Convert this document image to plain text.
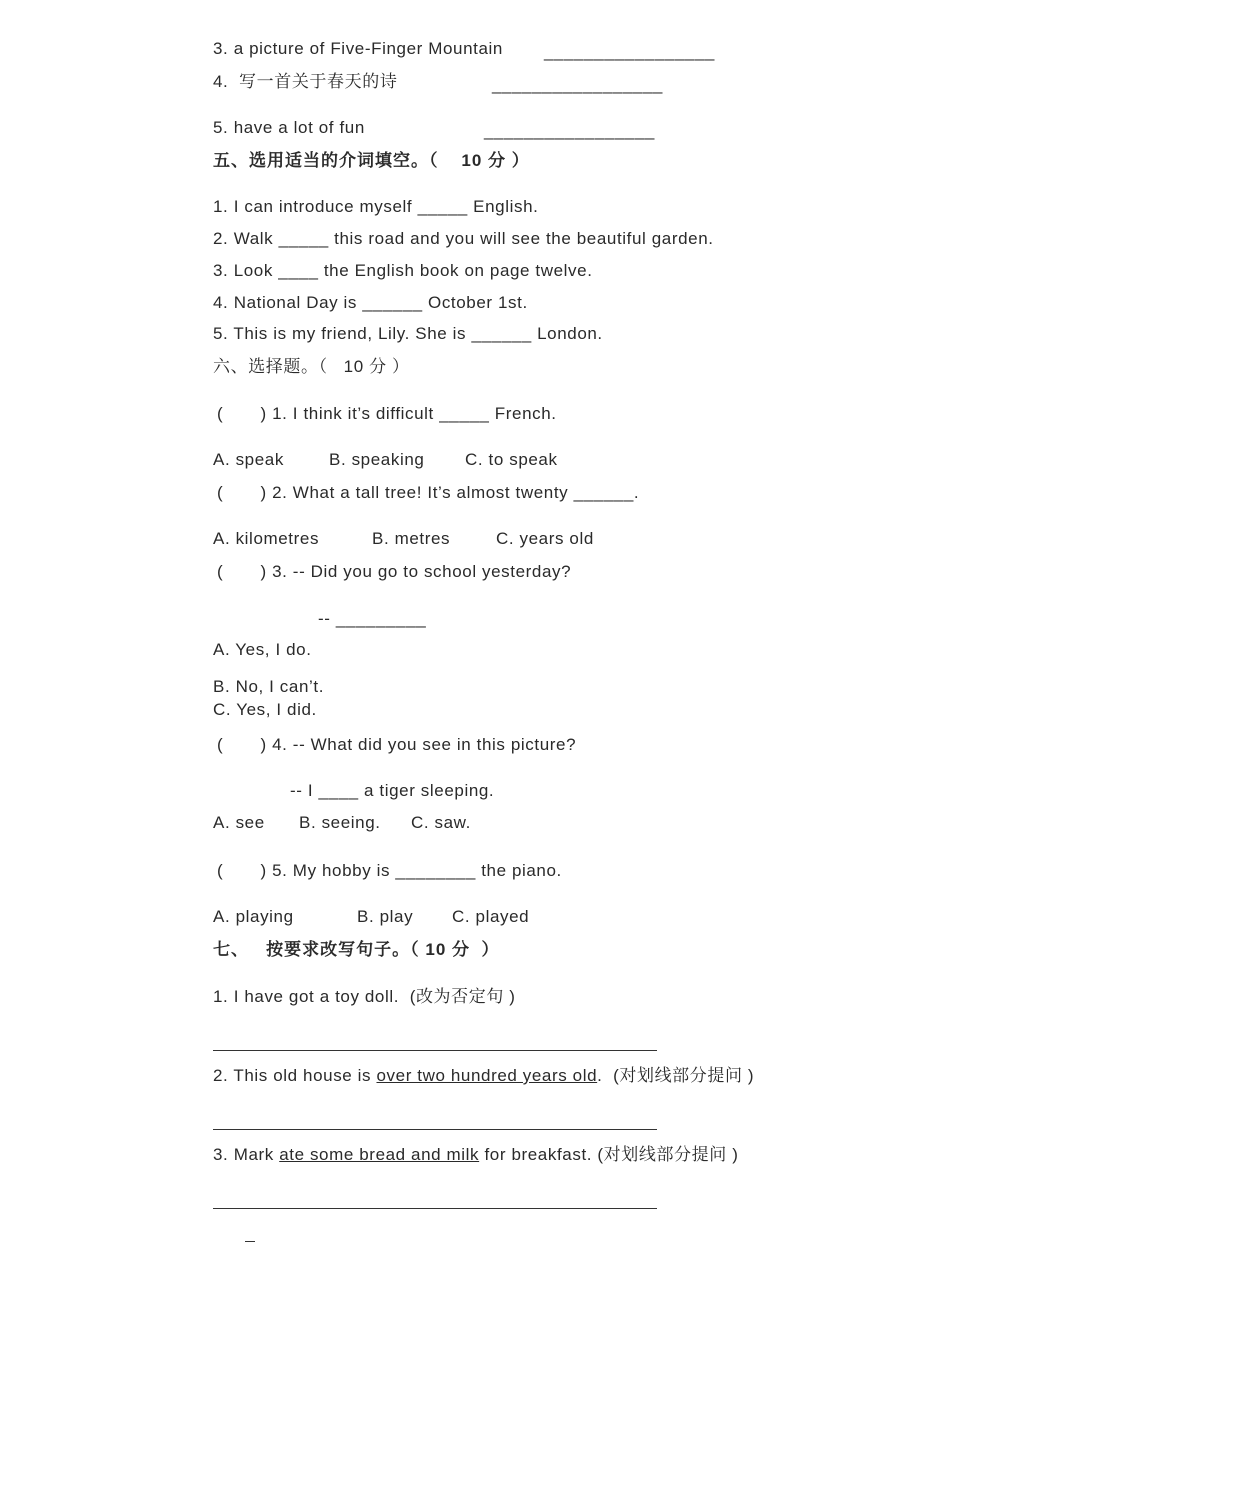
3. a picture of Five-Finger Mountain _________________
4.  写一首关于春天的诗	_________________
5. have a lot of fun	_________________
五、选用适当的介词填空。（    10 分 ）
1. I can introduce myself _____ English.
2. Walk _____ this road and you will see the beautiful garden.
3. Look ____ the English book on page twelve.
4. National Day is ______ October 1st.
5. This is my friend, Lily. She is ______ London.
六、选择题。（   10 分 ）
(       ) 1. I think it’s difficult _____ French.
A. speak	B. speaking C. to speak
(       ) 2. What a tall tree! It’s almost twenty ______.
A. kilometres	B. metres	C. years old
(       ) 3. -- Did you go to school yesterday?
-- _________
A. Yes, I do.
B. No, I can’t.
C. Yes, I did.
(       ) 4. -- What did you see in this picture?
-- I ____ a tiger sleeping.
A. see B. seeing. C. saw.
(       ) 5. My hobby is ________ the piano.
A. playing	B. play C. played
七、   按要求改写句子。（ 10 分  ）
1. I have got a toy doll.  (改为否定句 )
2. This old house is over two hundred years old.  (对划线部分提问 )
3. Mark ate some bread and milk for breakfast. (对划线部分提问 )
